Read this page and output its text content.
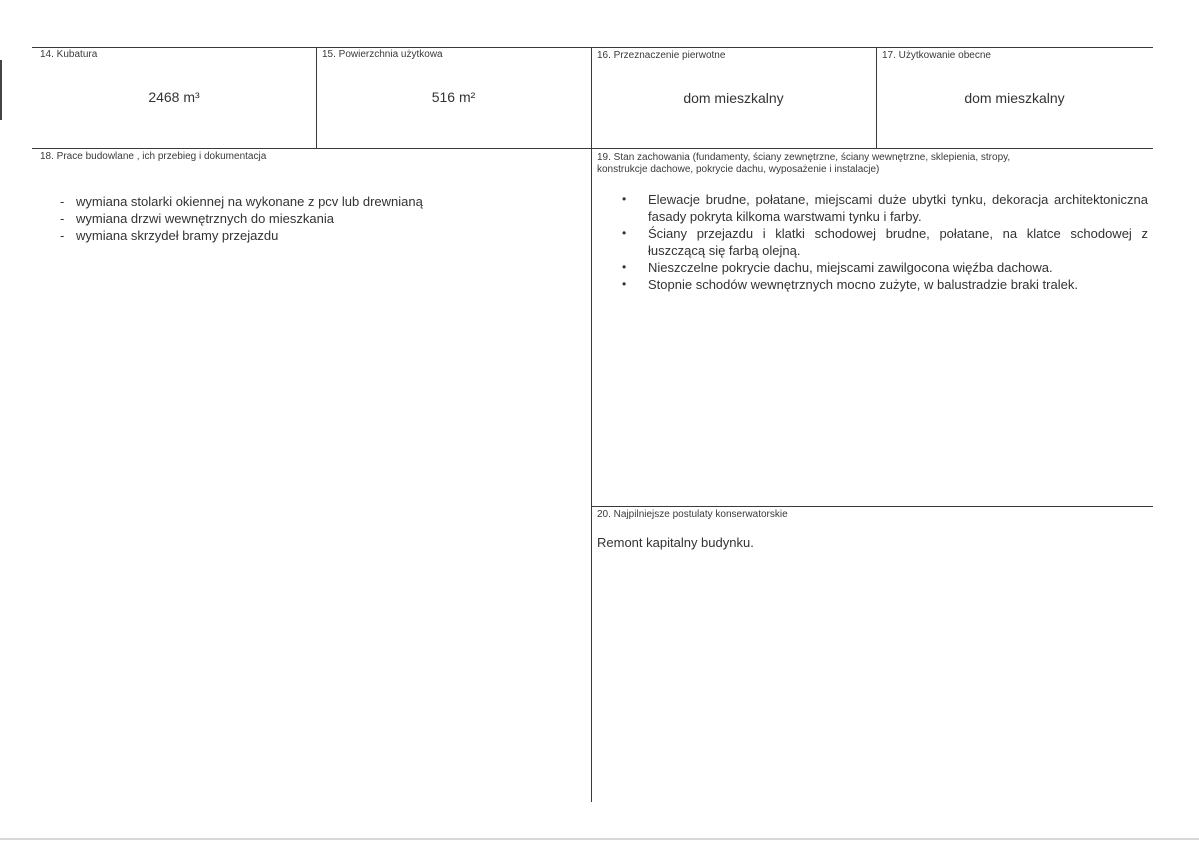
14. Kubatura
2468 m³
15. Powierzchnia użytkowa
516 m²
16. Przeznaczenie pierwotne
dom mieszkalny
17. Użytkowanie obecne
dom mieszkalny
18. Prace budowlane , ich przebieg i dokumentacja
- wymiana stolarki okiennej na wykonane z pcv lub drewnianą
- wymiana drzwi wewnętrznych do mieszkania
- wymiana skrzydeł bramy przejazdu
19. Stan zachowania (fundamenty, ściany zewnętrzne, ściany wewnętrzne, sklepienia, stropy,
konstrukcje dachowe, pokrycie dachu, wyposażenie i instalacje)
• Elewacje brudne, połatane, miejscami duże ubytki tynku, dekoracja architektoniczna fasady pokryta kilkoma warstwami tynku i farby.
• Ściany przejazdu i klatki schodowej brudne, połatane, na klatce schodowej z łuszczącą się farbą olejną.
• Nieszczelne pokrycie dachu, miejscami zawilgocona więźba dachowa.
• Stopnie schodów wewnętrznych mocno zużyte, w balustradzie braki tralek.
20. Najpilniejsze postulaty konserwatorskie
Remont kapitalny budynku.
